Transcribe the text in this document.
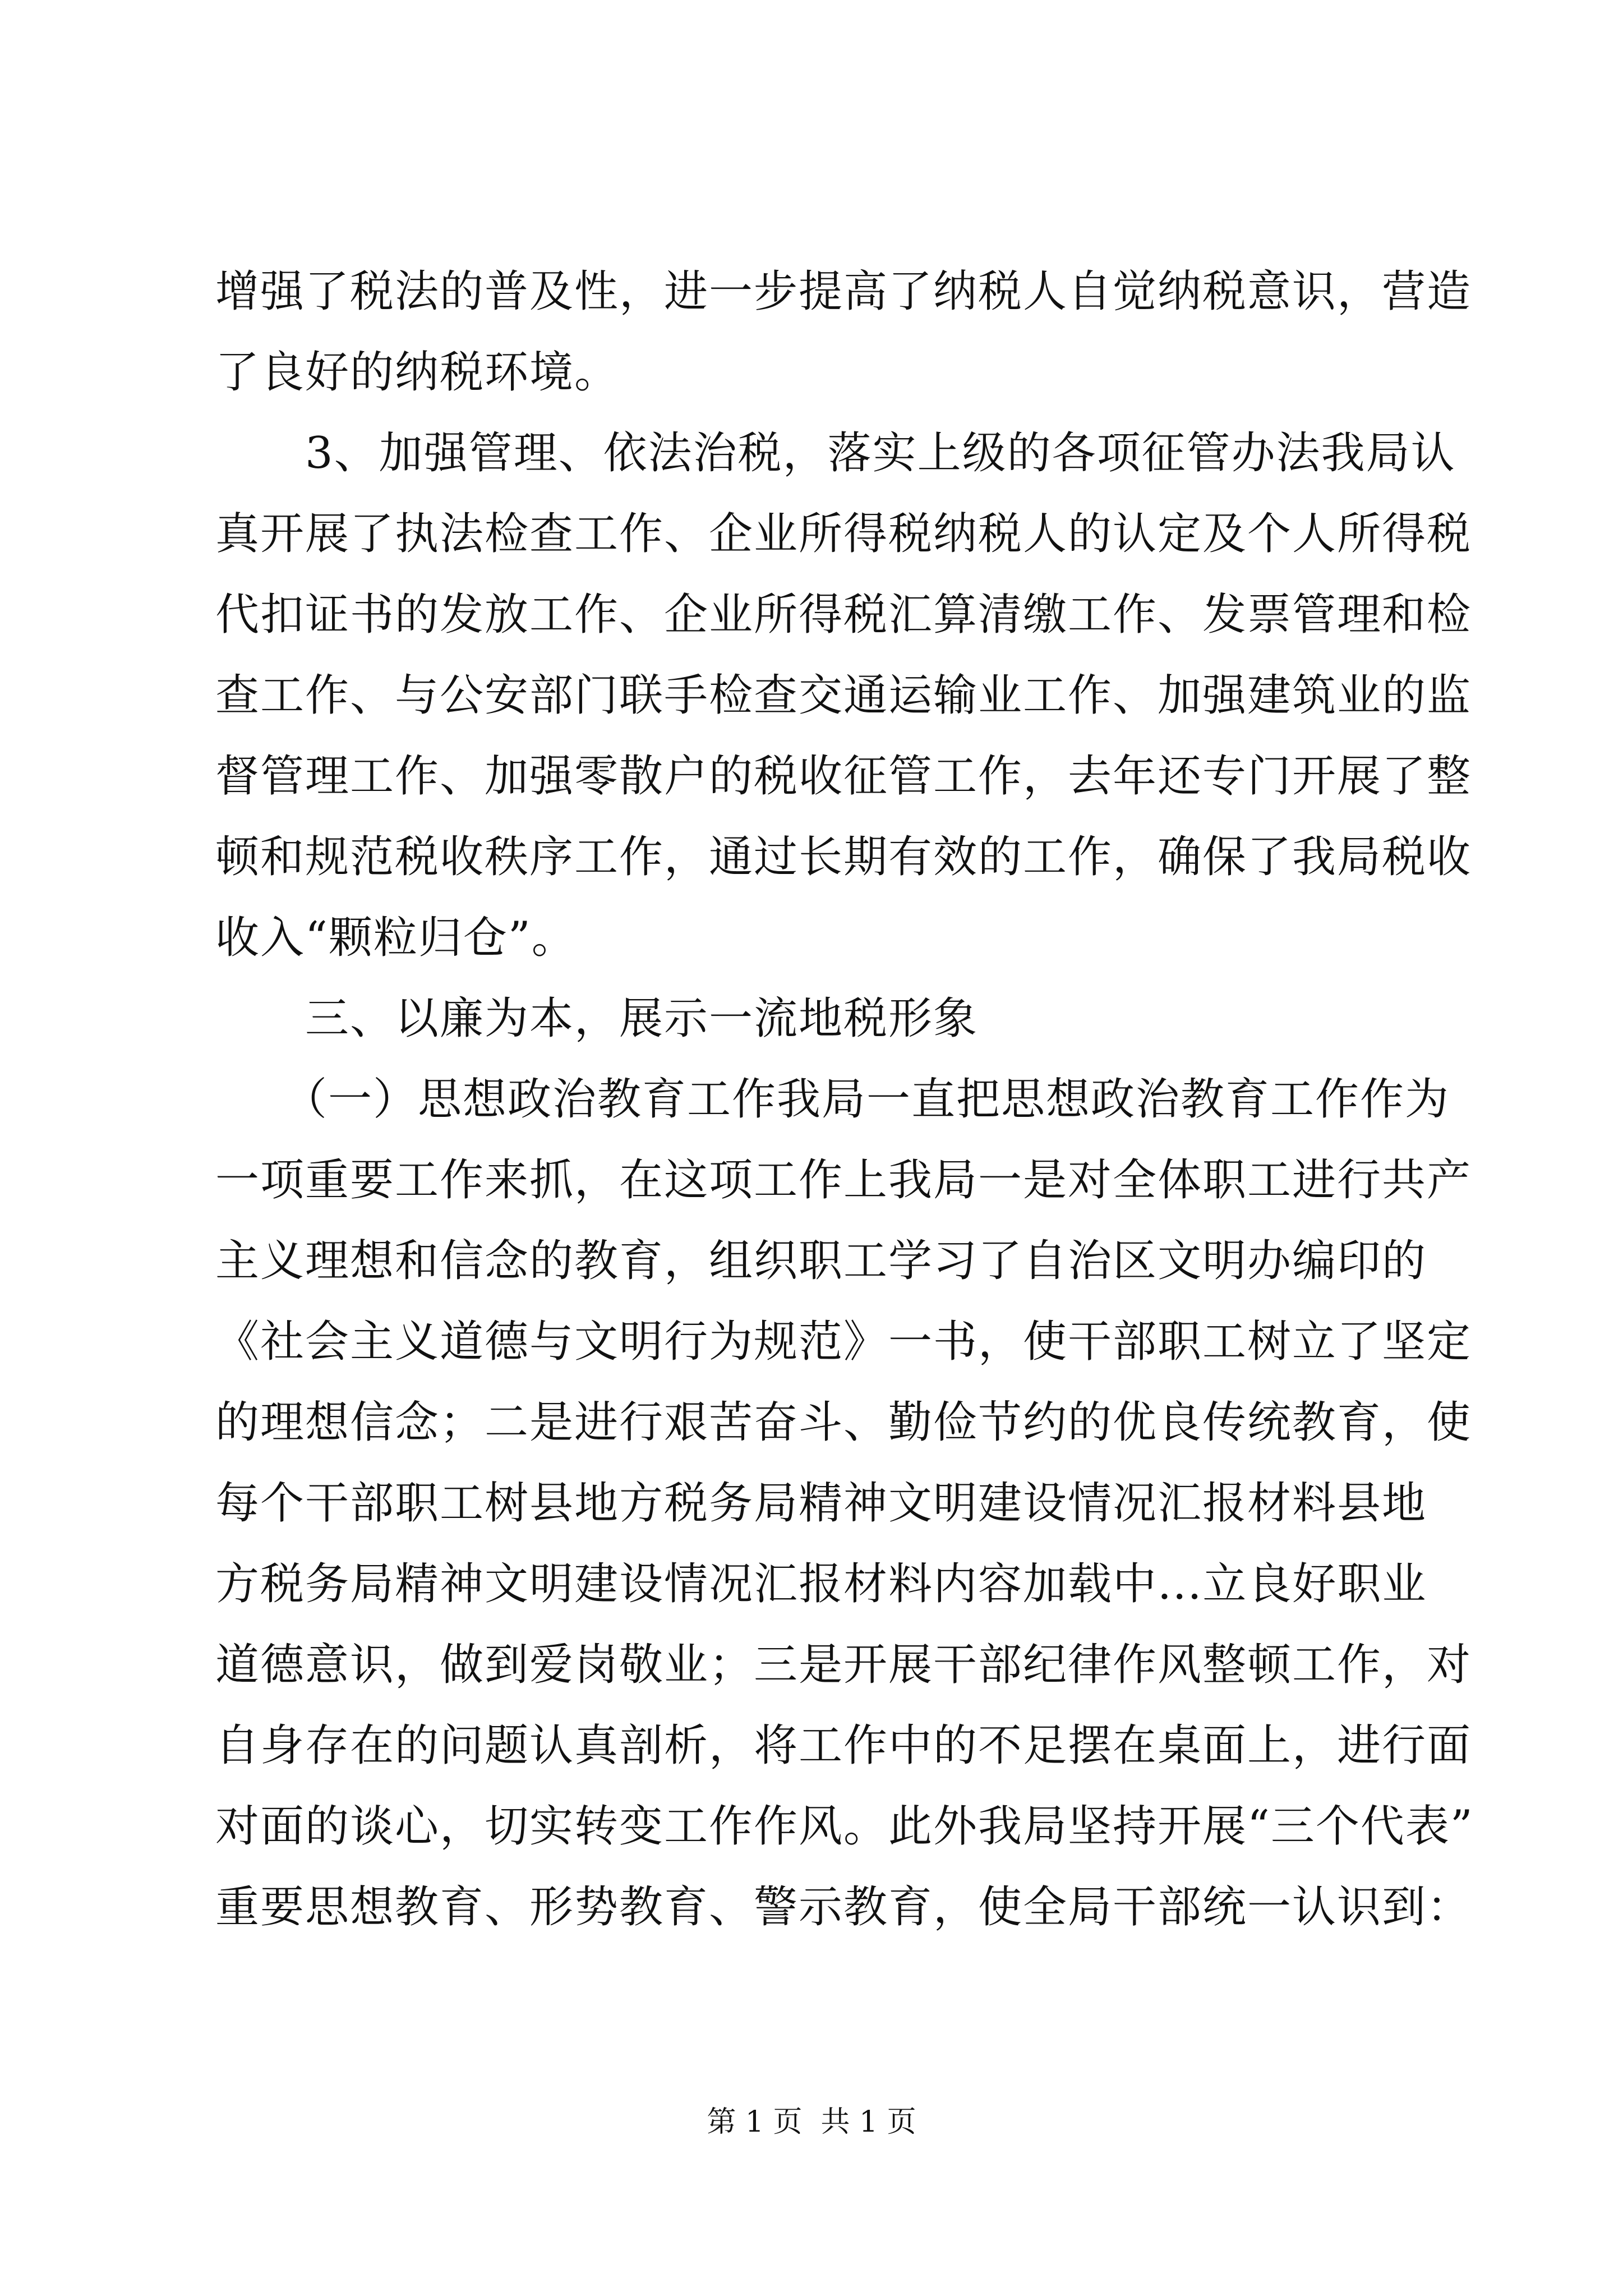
增强了税法的普及性，进一步提高了纳税人自觉纳税意识，营造
了良好的纳税环境。
　　3、加强管理、依法治税，落实上级的各项征管办法我局认
真开展了执法检查工作、企业所得税纳税人的认定及个人所得税
代扣证书的发放工作、企业所得税汇算清缴工作、发票管理和检
查工作、与公安部门联手检查交通运输业工作、加强建筑业的监
督管理工作、加强零散户的税收征管工作，去年还专门开展了整
顿和规范税收秩序工作，通过长期有效的工作，确保了我局税收
收入“颗粒归仓”。
　　三、以廉为本，展示一流地税形象
　　（一）思想政治教育工作我局一直把思想政治教育工作作为
一项重要工作来抓，在这项工作上我局一是对全体职工进行共产
主义理想和信念的教育，组织职工学习了自治区文明办编印的
《社会主义道德与文明行为规范》一书，使干部职工树立了坚定
的理想信念；二是进行艰苦奋斗、勤俭节约的优良传统教育，使
每个干部职工树县地方税务局精神文明建设情况汇报材料县地
方税务局精神文明建设情况汇报材料内容加载中...立良好职业
道德意识，做到爱岗敬业；三是开展干部纪律作风整顿工作，对
自身存在的问题认真剖析，将工作中的不足摆在桌面上，进行面
对面的谈心，切实转变工作作风。此外我局坚持开展“三个代表”
重要思想教育、形势教育、警示教育，使全局干部统一认识到：
第 1 页  共 1 页
